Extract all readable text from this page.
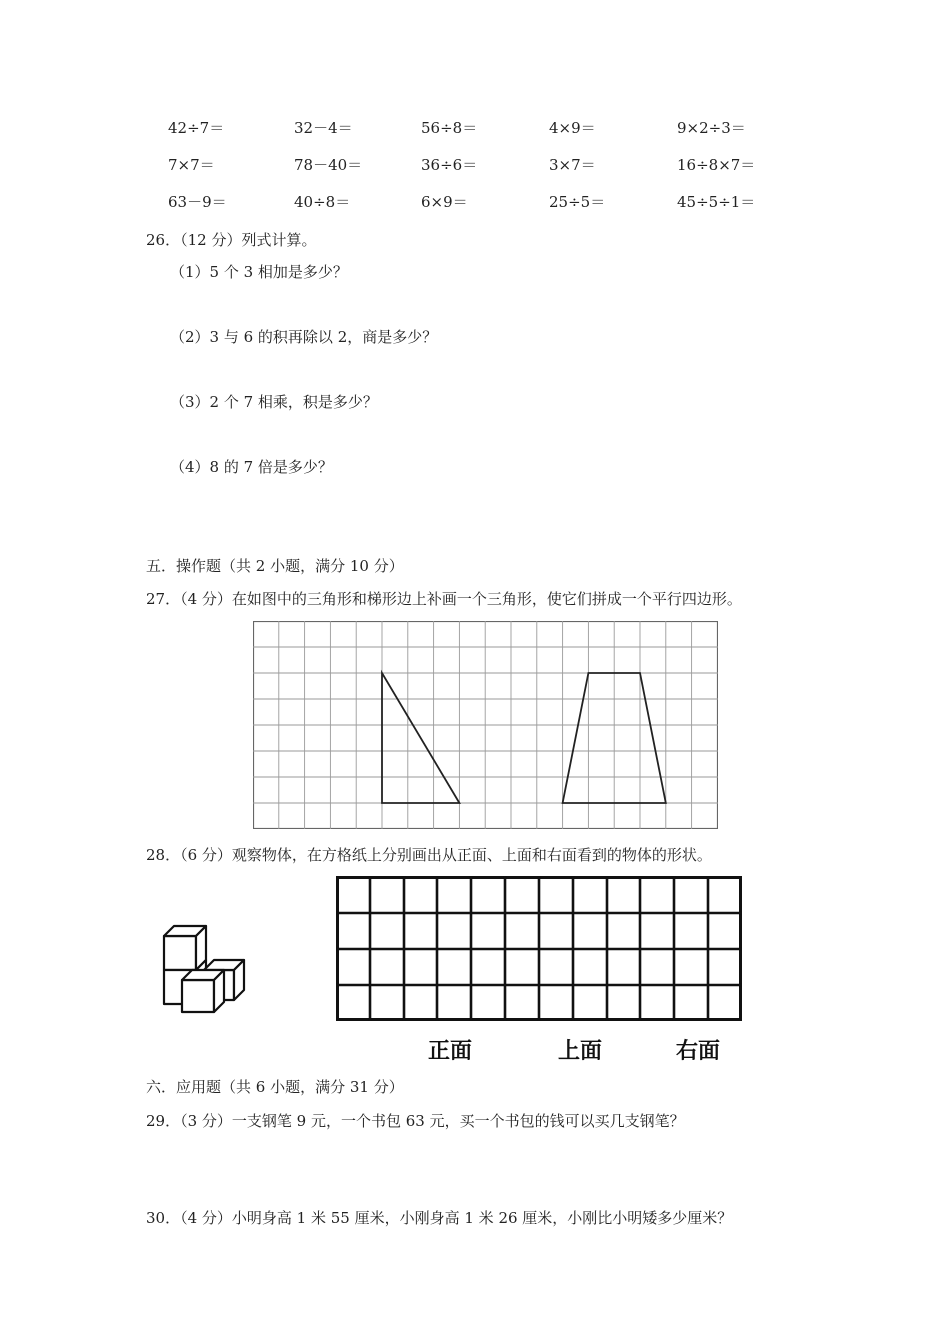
42÷7＝	32－4＝	56÷8＝	4×9＝	9×2÷3＝
7×7＝	78－40＝	36÷6＝	3×7＝	16÷8×7＝
63－9＝	40÷8＝	6×9＝	25÷5＝	45÷5÷1＝
26．（12 分）列式计算。
（1）5 个 3 相加是多少？
（2）3 与 6 的积再除以 2，商是多少？
（3）2 个 7 相乘，积是多少？
（4）8 的 7 倍是多少？
五．操作题（共 2 小题，满分 10 分）
27．（4 分）在如图中的三角形和梯形边上补画一个三角形，使它们拼成一个平行四边形。
28．（6 分）观察物体，在方格纸上分别画出从正面、上面和右面看到的物体的形状。
正面	上面	右面
六．应用题（共 6 小题，满分 31 分）
29．（3 分）一支钢笔 9 元，一个书包 63 元，买一个书包的钱可以买几支钢笔？
30．（4 分）小明身高 1 米 55 厘米，小刚身高 1 米 26 厘米，小刚比小明矮多少厘米？
